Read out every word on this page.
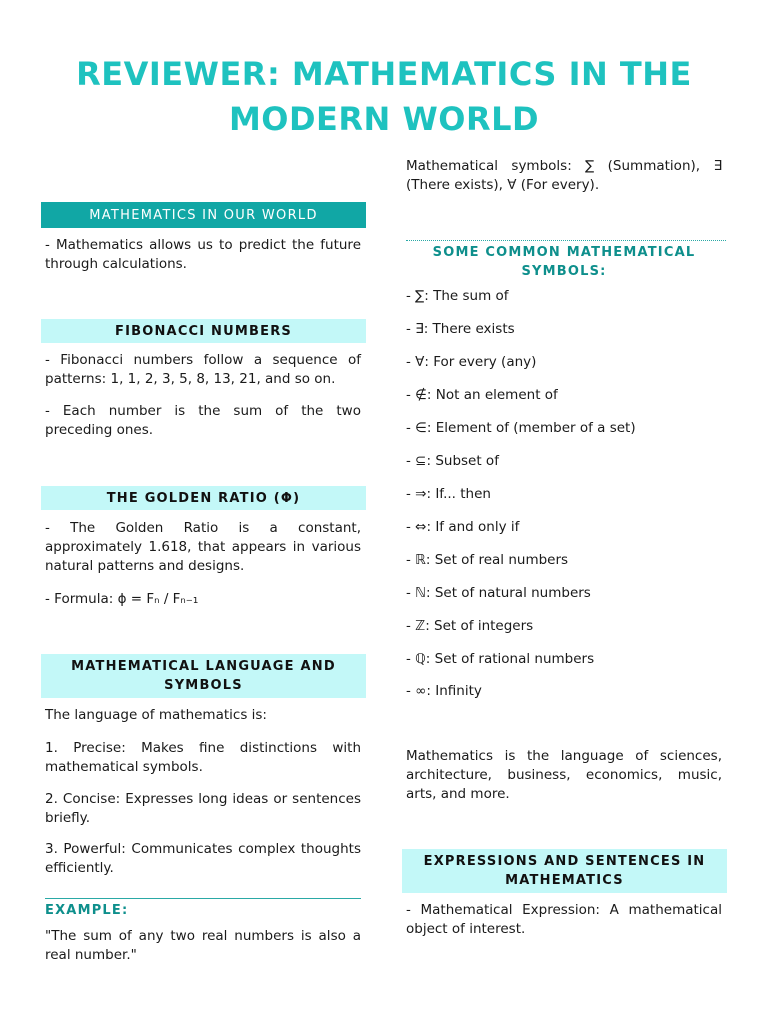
REVIEWER: MATHEMATICS IN THE MODERN WORLD
MATHEMATICS IN OUR WORLD

- Mathematics allows us to predict the future through calculations.

FIBONACCI NUMBERS

- Fibonacci numbers follow a sequence of patterns: 1, 1, 2, 3, 5, 8, 13, 21, and so on.

- Each number is the sum of the two preceding ones.

THE GOLDEN RATIO (Φ)

- The Golden Ratio is a constant, approximately 1.618, that appears in various natural patterns and designs.

- Formula: ϕ = Fₙ / Fₙ₋₁

MATHEMATICAL LANGUAGE AND SYMBOLS

The language of mathematics is:

1. Precise: Makes fine distinctions with mathematical symbols.

2. Concise: Expresses long ideas or sentences briefly.

3. Powerful: Communicates complex thoughts efficiently.

EXAMPLE:

"The sum of any two real numbers is also a real number."

Mathematical symbols: ∑ (Summation), ∃ (There exists), ∀ (For every).

SOME COMMON MATHEMATICAL SYMBOLS:
- ∑: The sum of
- ∃: There exists
- ∀: For every (any)
- ∉: Not an element of
- ∈: Element of (member of a set)
- ⊆: Subset of
- ⇒: If... then
- ⇔: If and only if
- ℝ: Set of real numbers
- ℕ: Set of natural numbers
- ℤ: Set of integers
- ℚ: Set of rational numbers
- ∞: Infinity

Mathematics is the language of sciences, architecture, business, economics, music, arts, and more.

EXPRESSIONS AND SENTENCES IN MATHEMATICS

- Mathematical Expression: A mathematical object of interest.
